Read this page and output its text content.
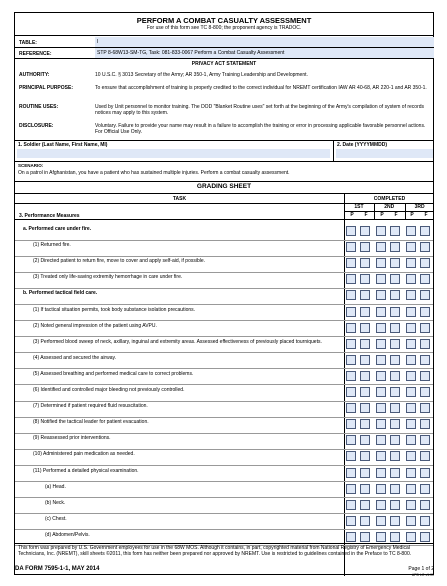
PERFORM A COMBAT CASUALTY ASSESSMENT
For use of this form see TC 8-800; the proponent agency is TRADOC.
TABLE:	I
REFERENCE:	STP 8-68W13-SM-TG, Task: 081-833-0067 Perform a Combat Casualty Assessment
PRIVACY ACT STATEMENT
AUTHORITY:	10 U.S.C. § 3013 Secretary of the Army; AR 350-1, Army Training Leadership and Development.
PRINCIPAL PURPOSE:	To ensure that accomplishment of training is properly credited to the correct individual for NREMT certification IAW AR 40-68, AR 220-1 and AR 350-1.
ROUTINE USES:	Used by Unit personnel to monitor training. The DOD "Blanket Routine uses" set forth at the beginning of the Army's compilation of system of records notices may apply to this system.
DISCLOSURE:	Voluntary. Failure to provide your name may result in a failure to accomplish the training or error in processing applicable favorable personnel actions. For Official Use Only.
1. Soldier (Last Name, First Name, MI)	2. Date (YYYYMMDD)
SCENARIO:
On a patrol in Afghanistan, you have a patient who has sustained multiple injuries. Perform a combat casualty assessment.
GRADING SHEET
TASK	COMPLETED
3. Performance Measures
1ST	2ND	3RD
P	F	P	F	P	F
a. Performed care under fire.
(1) Returned fire.
(2) Directed patient to return fire, move to cover and apply self-aid, if possible.
(3) Treated only life-saving extremity hemorrhage in care under fire.
b. Performed tactical field care.
(1) If tactical situation permits, took body substance isolation precautions.
(2) Noted general impression of the patient using AVPU.
(3) Performed blood sweep of neck, axillary, inguinal and extremity areas. Assessed effectiveness of previously placed tourniquets.
(4) Assessed and secured the airway.
(5) Assessed breathing and performed medical care to correct problems.
(6) Identified and controlled major bleeding not previously controlled.
(7) Determined if patient required fluid resuscitation.
(8) Notified the tactical leader for patient evacuation.
(9) Reassessed prior interventions.
(10) Administered pain medication as needed.
(11) Performed a detailed physical examination.
(a) Head.
(b) Neck.
(c) Chest.
(d) Abdomen/Pelvis.
This form was prepared by U.S. Government employees for use in the 68W MOS. Although it contains, in part, copyrighted material from National Registry of Emergency Medical Technicians, Inc. (NREMT), skill sheets ©2011, this form has neither been prepared nor approved by NREMT. Use is restricted to guidelines contained in the Preface to TC 8-800.
DA FORM 7595-1-1, MAY 2014	Page 1 of 2
APD LC v1.00
